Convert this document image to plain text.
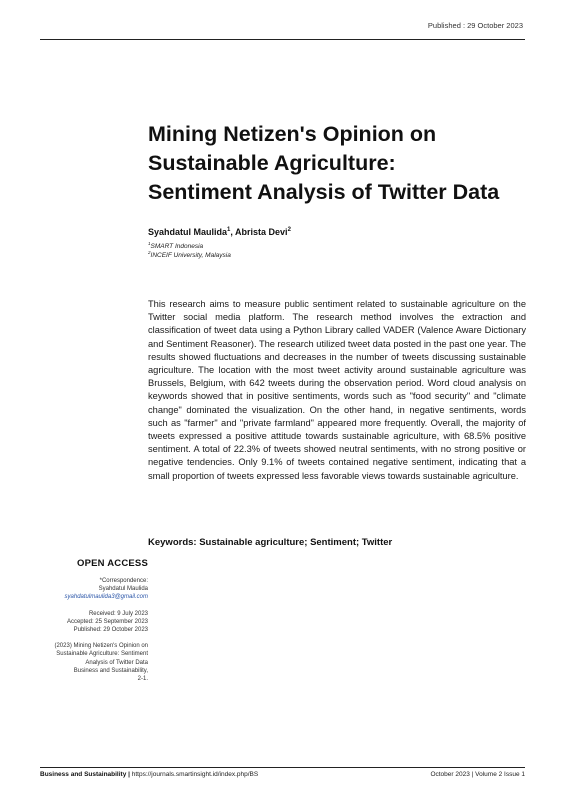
Published : 29 October 2023
Mining Netizen's Opinion on
Sustainable Agriculture:
Sentiment Analysis of Twitter Data
Syahdatul Maulida$^1$, Abrista Devi$^2$
$^1$SMART Indonesia
$^2$INCEIF University, Malaysia
This research aims to measure public sentiment related to sustainable agriculture on the Twitter social media platform. The research method involves the extraction and classification of tweet data using a Python Library called VADER (Valence Aware Dictionary and Sentiment Reasoner). The research utilized tweet data posted in the past one year. The results showed fluctuations and decreases in the number of tweets discussing sustainable agriculture. The location with the most tweet activity around sustainable agriculture was Brussels, Belgium, with 642 tweets during the observation period. Word cloud analysis on keywords showed that in positive sentiments, words such as "food security" and "climate change" dominated the visualization. On the other hand, in negative sentiments, words such as "farmer" and "private farmland" appeared more frequently. Overall, the majority of tweets expressed a positive attitude towards sustainable agriculture, with 68.5% positive sentiment. A total of 22.3% of tweets showed neutral sentiments, with no strong positive or negative tendencies. Only 9.1% of tweets contained negative sentiment, indicating that a small proportion of tweets expressed less favorable views towards sustainable agriculture.
Keywords: Sustainable agriculture; Sentiment; Twitter
OPEN ACCESS
*Correspondence:
Syahdatul Maulida
syahdatulmaulida3@gmail.com
Received: 9 July 2023
Accepted: 25 September 2023
Published: 29 October 2023
(2023) Mining Netizen's Opinion on
Sustainable Agriculture: Sentiment
Analysis of Twitter Data
Business and Sustainability,
2-1.
Business and Sustainability | https://journals.smartinsight.id/index.php/BS	October 2023 | Volume 2 Issue 1
